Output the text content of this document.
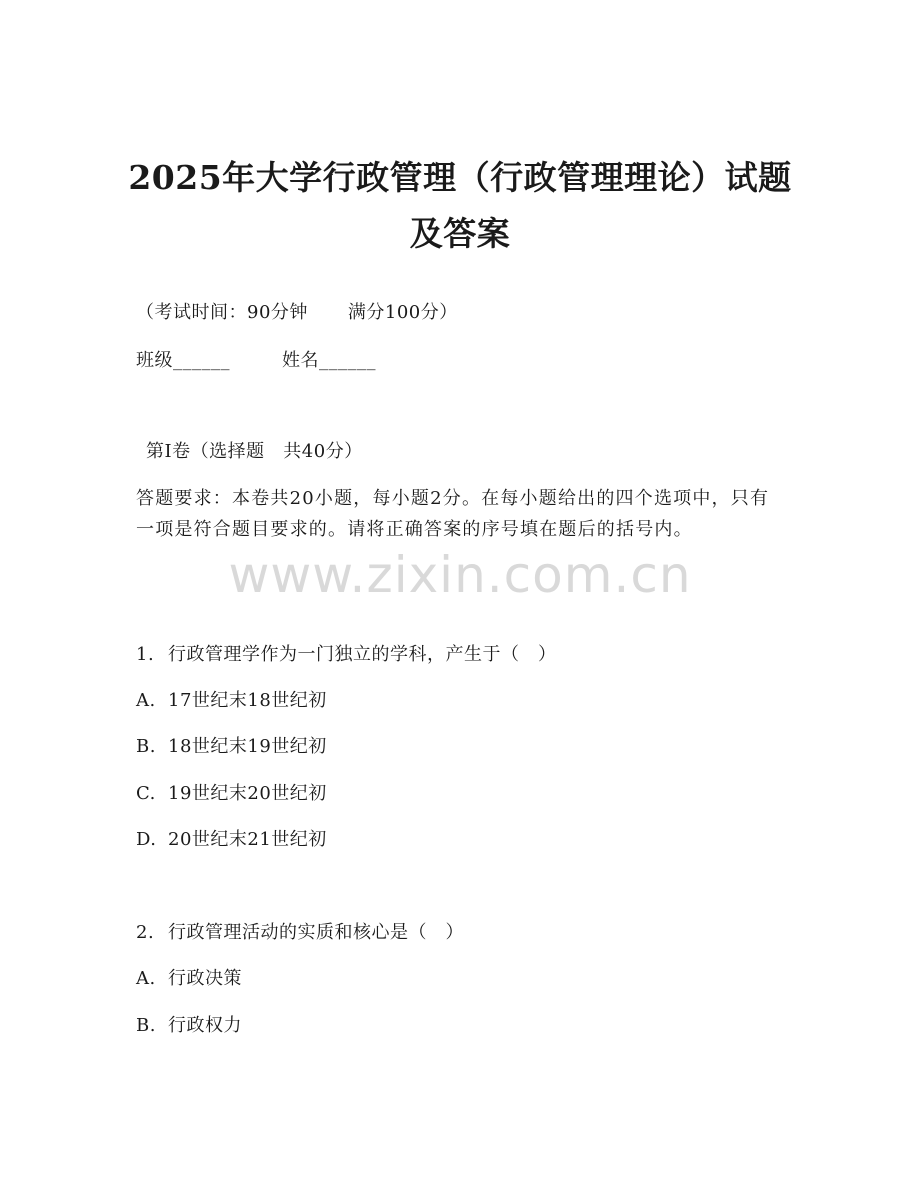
2025年大学行政管理（行政管理理论）试题
及答案
（考试时间：90分钟 满分100分）
班级______	姓名______
第Ⅰ卷（选择题 共40分）

答题要求：本卷共20小题，每小题2分。在每小题给出的四个选项中，只有一项是符合题目要求的。请将正确答案的序号填在题后的括号内。

www.zixin.com.cn
1. 行政管理学作为一门独立的学科，产生于（　）
A. 17世纪末18世纪初
B. 18世纪末19世纪初
C. 19世纪末20世纪初
D. 20世纪末21世纪初
2. 行政管理活动的实质和核心是（　）
A. 行政决策
B. 行政权力
